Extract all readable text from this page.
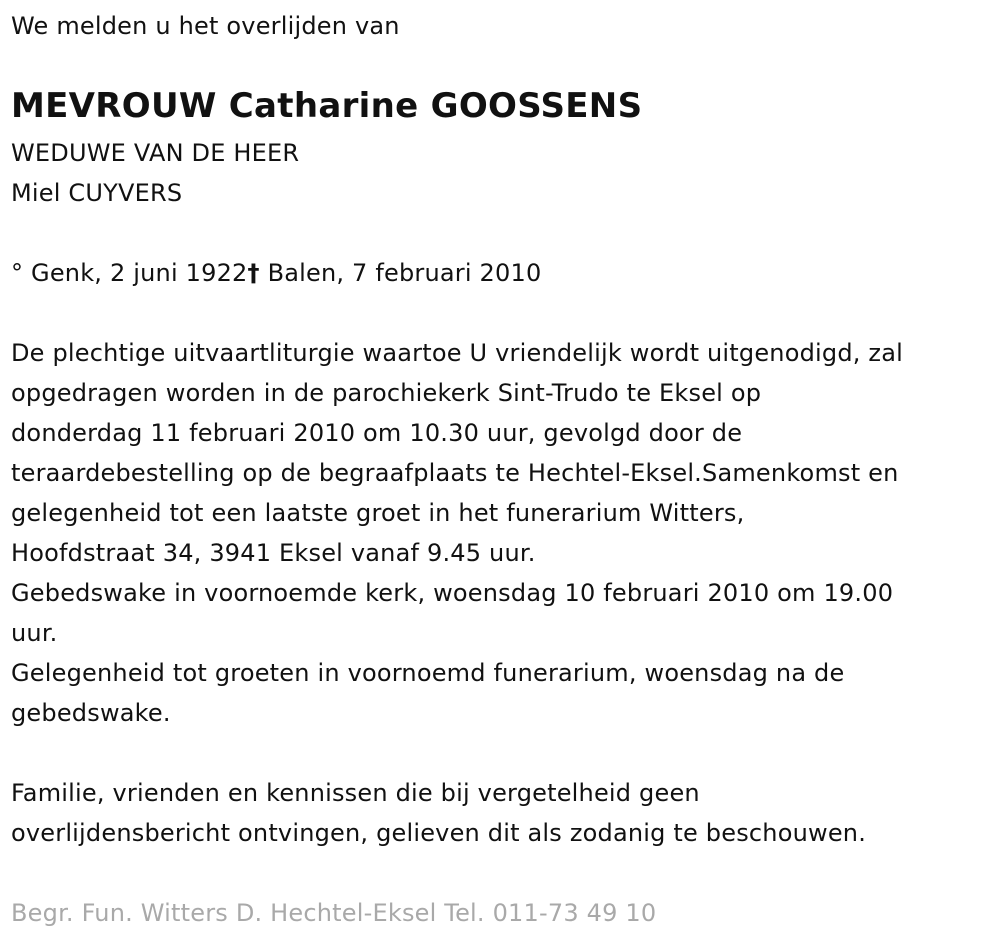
We melden u het overlijden van
MEVROUW Catharine GOOSSENS
WEDUWE VAN DE HEER
Miel CUYVERS
° Genk, 2 juni 1922† Balen, 7 februari 2010
De plechtige uitvaartliturgie waartoe U vriendelijk wordt uitgenodigd, zal
opgedragen worden in de parochiekerk Sint-Trudo te Eksel op
donderdag 11 februari 2010 om 10.30 uur, gevolgd door de
teraardebestelling op de begraafplaats te Hechtel-Eksel.Samenkomst en
gelegenheid tot een laatste groet in het funerarium Witters,
Hoofdstraat 34, 3941 Eksel vanaf 9.45 uur.
Gebedswake in voornoemde kerk, woensdag 10 februari 2010 om 19.00
uur.
Gelegenheid tot groeten in voornoemd funerarium, woensdag na de
gebedswake.
Familie, vrienden en kennissen die bij vergetelheid geen
overlijdensbericht ontvingen, gelieven dit als zodanig te beschouwen.
Begr. Fun. Witters D. Hechtel-Eksel Tel. 011-73 49 10
